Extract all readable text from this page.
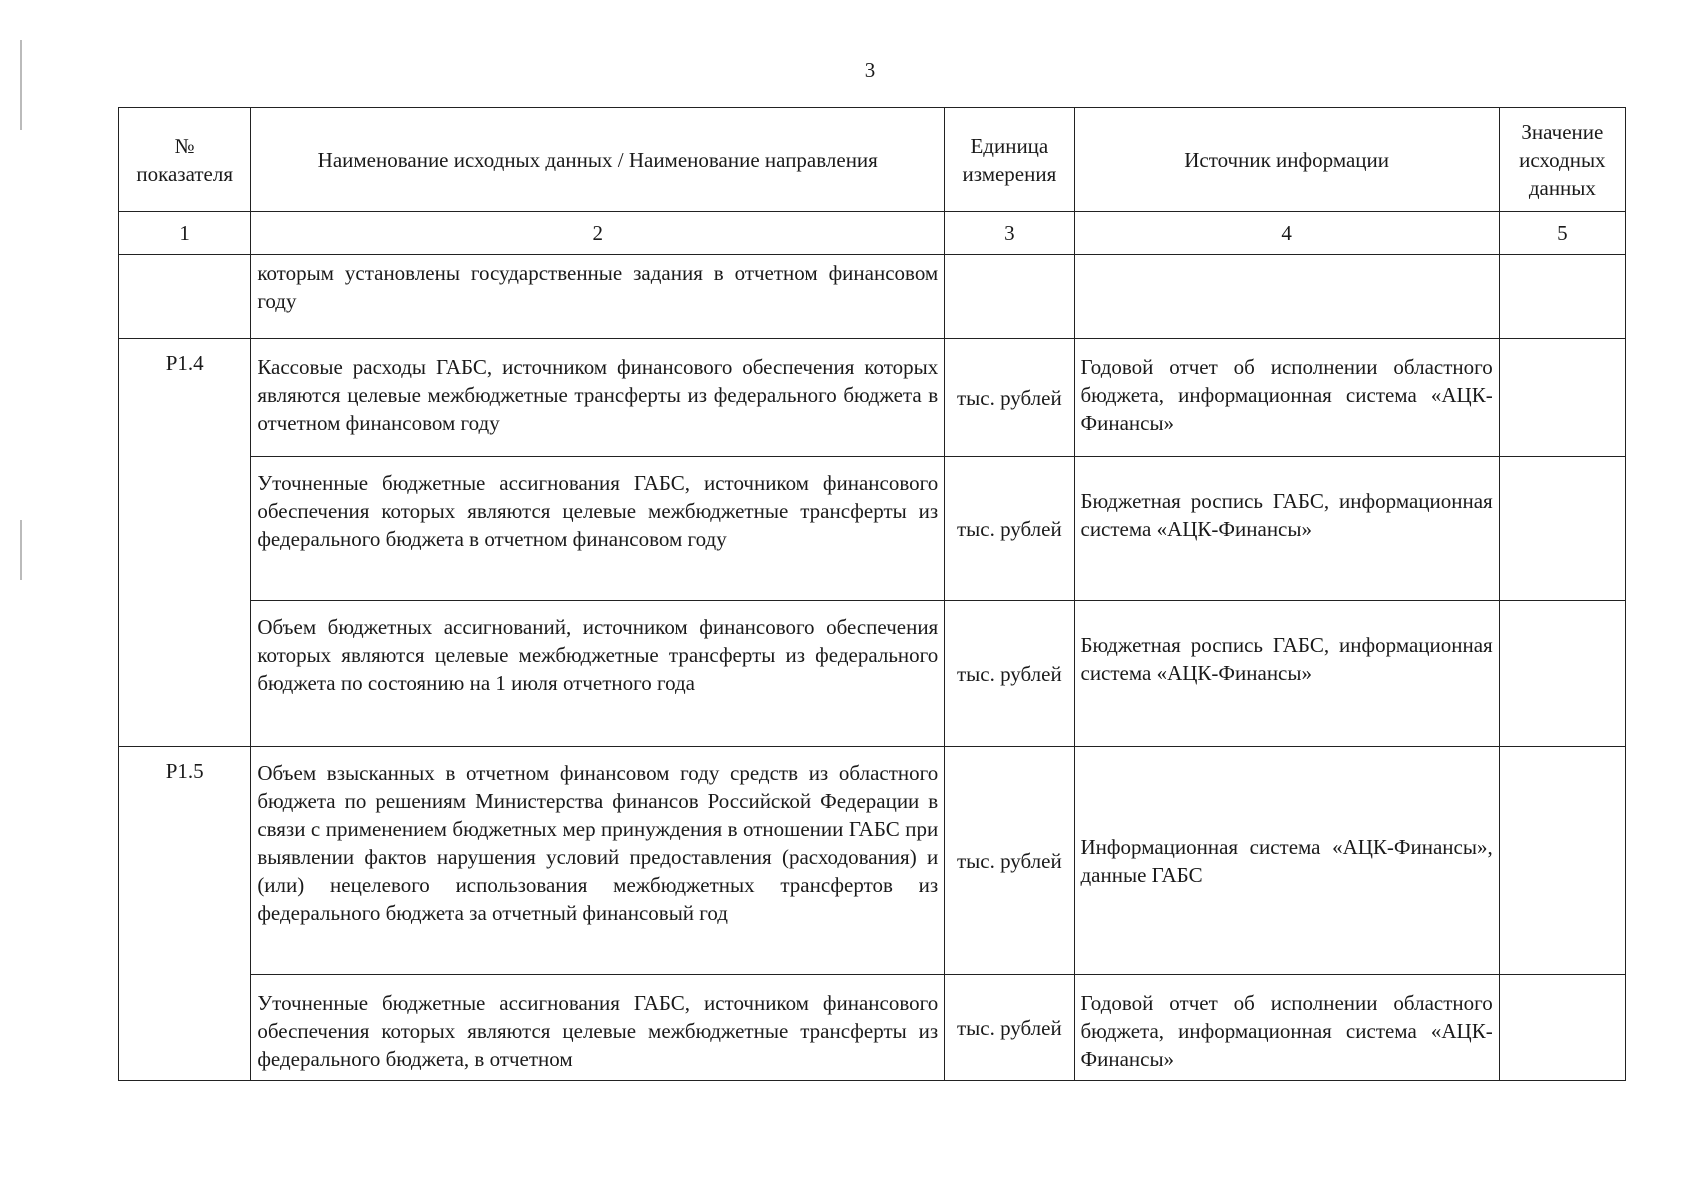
3
№ показателя	Наименование исходных данных / Наименование направления	Единица измерения	Источник информации	Значение исходных данных
1	2	3	4	5
	которым установлены государственные задания в отчетном финансовом году			
Р1.4	Кассовые расходы ГАБС, источником финансового обеспечения которых являются целевые межбюджетные трансферты из федерального бюджета в отчетном финансовом году	тыс. рублей	Годовой отчет об исполнении областного бюджета, информационная система «АЦК-Финансы»	
	Уточненные бюджетные ассигнования ГАБС, источником финансового обеспечения которых являются целевые межбюджетные трансферты из федерального бюджета в отчетном финансовом году	тыс. рублей	Бюджетная роспись ГАБС, информационная система «АЦК-Финансы»	
	Объем бюджетных ассигнований, источником финансового обеспечения которых являются целевые межбюджетные трансферты из федерального бюджета по состоянию на 1 июля отчетного года	тыс. рублей	Бюджетная роспись ГАБС, информационная система «АЦК-Финансы»	
Р1.5	Объем взысканных в отчетном финансовом году средств из областного бюджета по решениям Министерства финансов Российской Федерации в связи с применением бюджетных мер принуждения в отношении ГАБС при выявлении фактов нарушения условий предоставления (расходования) и (или) нецелевого использования межбюджетных трансфертов из федерального бюджета за отчетный финансовый год	тыс. рублей	Информационная система «АЦК-Финансы», данные ГАБС	
	Уточненные бюджетные ассигнования ГАБС, источником финансового обеспечения которых являются целевые межбюджетные трансферты из федерального бюджета, в отчетном	тыс. рублей	Годовой отчет об исполнении областного бюджета, информационная система «АЦК-Финансы»	
